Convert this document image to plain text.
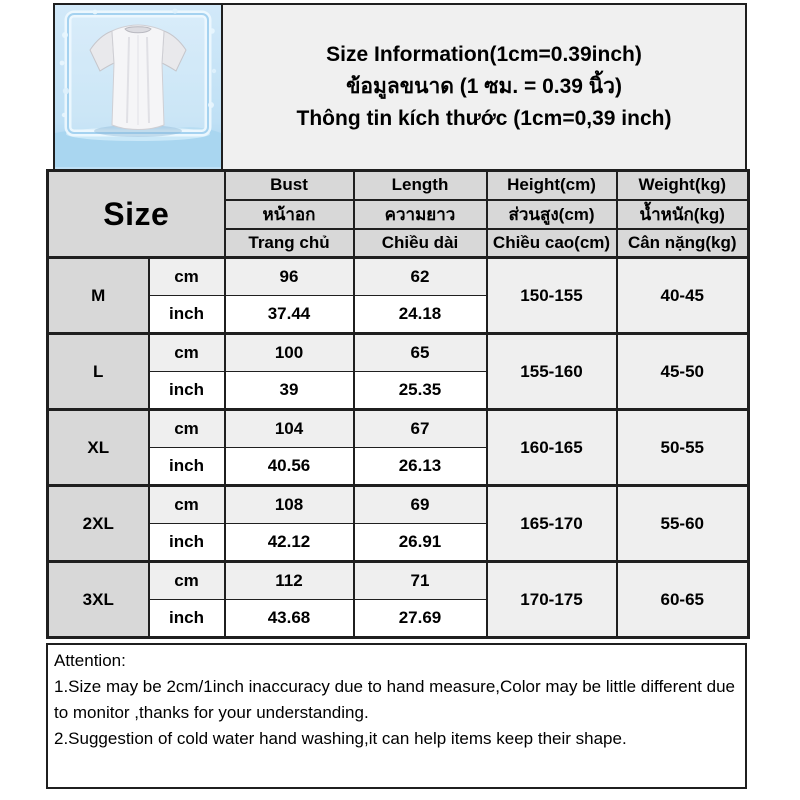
Size Information(1cm=0.39inch)
ข้อมูลขนาด (1 ซม. = 0.39 นิ้ว)
Thông tin kích thước (1cm=0,39 inch)
Size		Bust	Length	Height(cm)	Weight(kg)
		หน้าอก	ความยาว	ส่วนสูง(cm)	น้ำหนัก(kg)
		Trang chủ	Chiều dài	Chiều cao(cm)	Cân nặng(kg)
M	cm	96	62	150-155	40-45
	inch	37.44	24.18		
L	cm	100	65	155-160	45-50
	inch	39	25.35		
XL	cm	104	67	160-165	50-55
	inch	40.56	26.13		
2XL	cm	108	69	165-170	55-60
	inch	42.12	26.91		
3XL	cm	112	71	170-175	60-65
	inch	43.68	27.69		
Attention:
1.Size may be 2cm/1inch inaccuracy due to hand measure,Color may be little different due to monitor ,thanks for your understanding.
2.Suggestion of cold water hand washing,it can help items keep their shape.
